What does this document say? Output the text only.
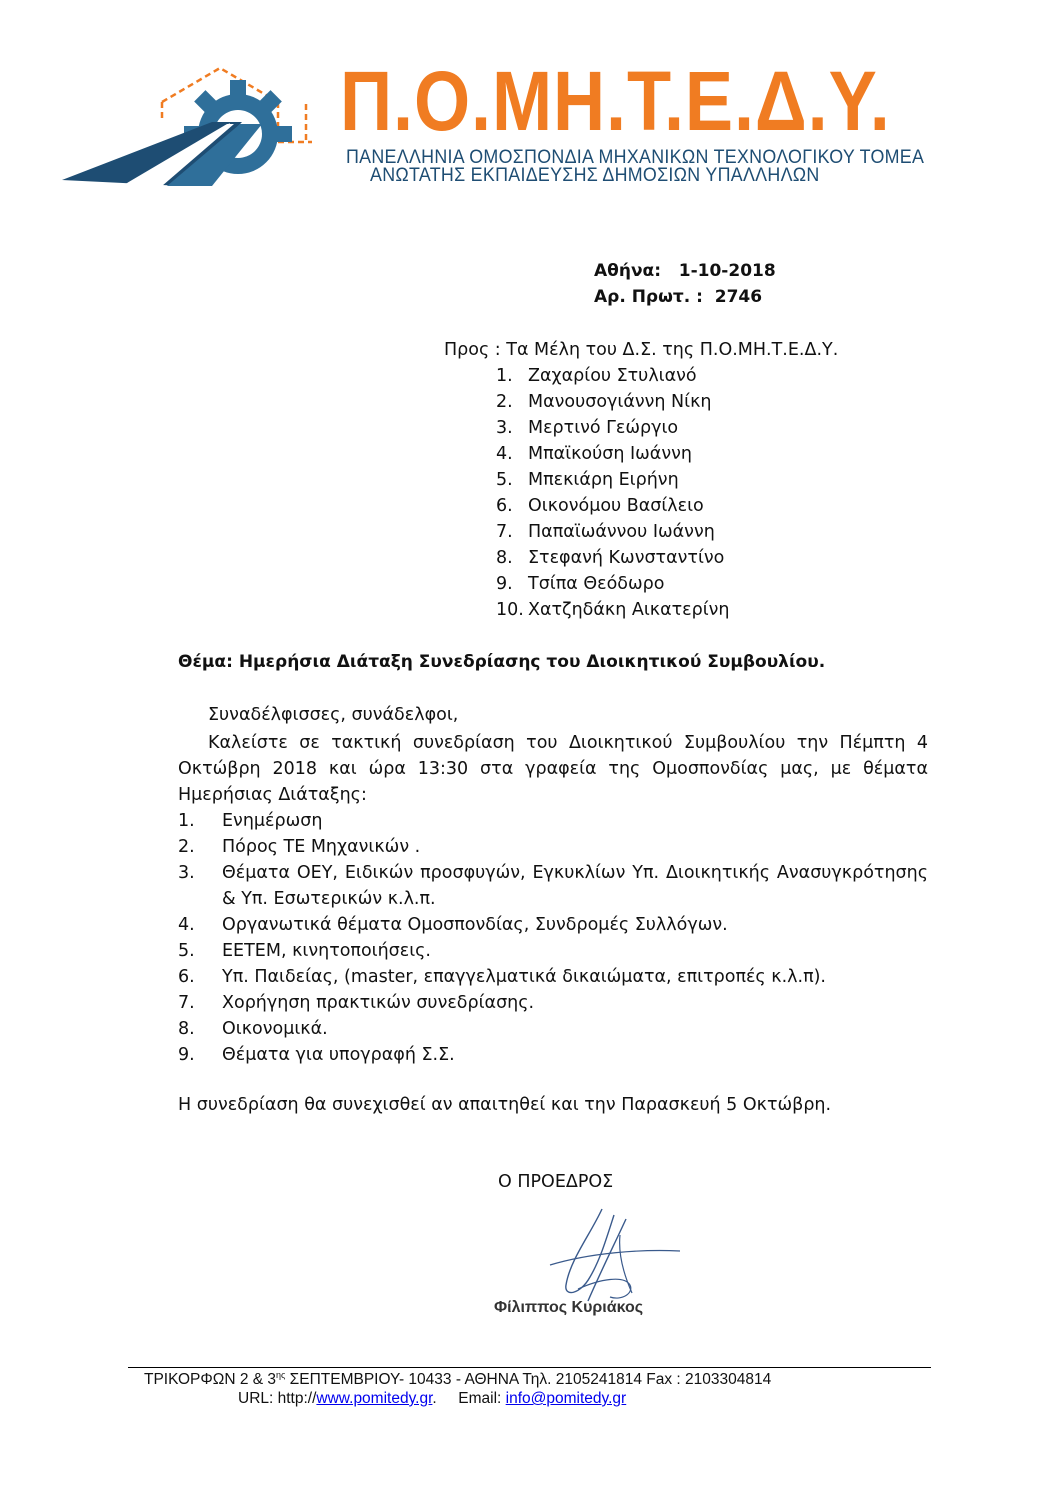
Π.Ο.ΜΗ.Τ.Ε.Δ.Υ.
ΠΑΝΕΛΛΗΝΙΑ ΟΜΟΣΠΟΝΔΙΑ ΜΗΧΑΝΙΚΩΝ ΤΕΧΝΟΛΟΓΙΚΟΥ ΤΟΜΕΑ
ΑΝΩΤΑΤΗΣ ΕΚΠΑΙΔΕΥΣΗΣ ΔΗΜΟΣΙΩΝ ΥΠΑΛΛΗΛΩΝ
Αθήνα: 1-10-2018
Αρ. Πρωτ. : 2746
Προς : Τα Μέλη του Δ.Σ. της Π.Ο.ΜΗ.Τ.Ε.Δ.Υ.
1. Ζαχαρίου Στυλιανό
2. Μανουσογιάννη Νίκη
3. Μερτινό Γεώργιο
4. Μπαϊκούση Ιωάννη
5. Μπεκιάρη Ειρήνη
6. Οικονόμου Βασίλειο
7. Παπαϊωάννου Ιωάννη
8. Στεφανή Κωνσταντίνο
9. Τσίπα Θεόδωρο
10. Χατζηδάκη Αικατερίνη
Θέμα: Ημερήσια Διάταξη Συνεδρίασης του Διοικητικού Συμβουλίου.
Συναδέλφισσες, συνάδελφοι,
Καλείστε σε τακτική συνεδρίαση του Διοικητικού Συμβουλίου την Πέμπτη 4 Οκτώβρη 2018 και ώρα 13:30 στα γραφεία της Ομοσπονδίας μας, με θέματα Ημερήσιας Διάταξης:
1. Ενημέρωση
2. Πόρος ΤΕ Μηχανικών .
3. Θέματα ΟΕΥ, Ειδικών προσφυγών, Εγκυκλίων Υπ. Διοικητικής Ανασυγκρότησης & Υπ. Εσωτερικών κ.λ.π.
4. Οργανωτικά θέματα Ομοσπονδίας, Συνδρομές Συλλόγων.
5. ΕΕΤΕΜ, κινητοποιήσεις.
6. Υπ. Παιδείας, (master, επαγγελματικά δικαιώματα, επιτροπές κ.λ.π).
7. Χορήγηση πρακτικών συνεδρίασης.
8. Οικονομικά.
9. Θέματα για υπογραφή Σ.Σ.
Η συνεδρίαση θα συνεχισθεί αν απαιτηθεί και την Παρασκευή 5 Οκτώβρη.
Ο ΠΡΟΕΔΡΟΣ
Φίλιππος Κυριάκος
ΤΡΙΚΟΡΦΩΝ 2 & $3^{\eta\varsigma}$ ΣΕΠΤΕΜΒΡΙΟΥ- 10433 - ΑΘΗΝΑ Τηλ. 2105241814 Fax : 2103304814
URL: http://www.pomitedy.gr. Email: info@pomitedy.gr
